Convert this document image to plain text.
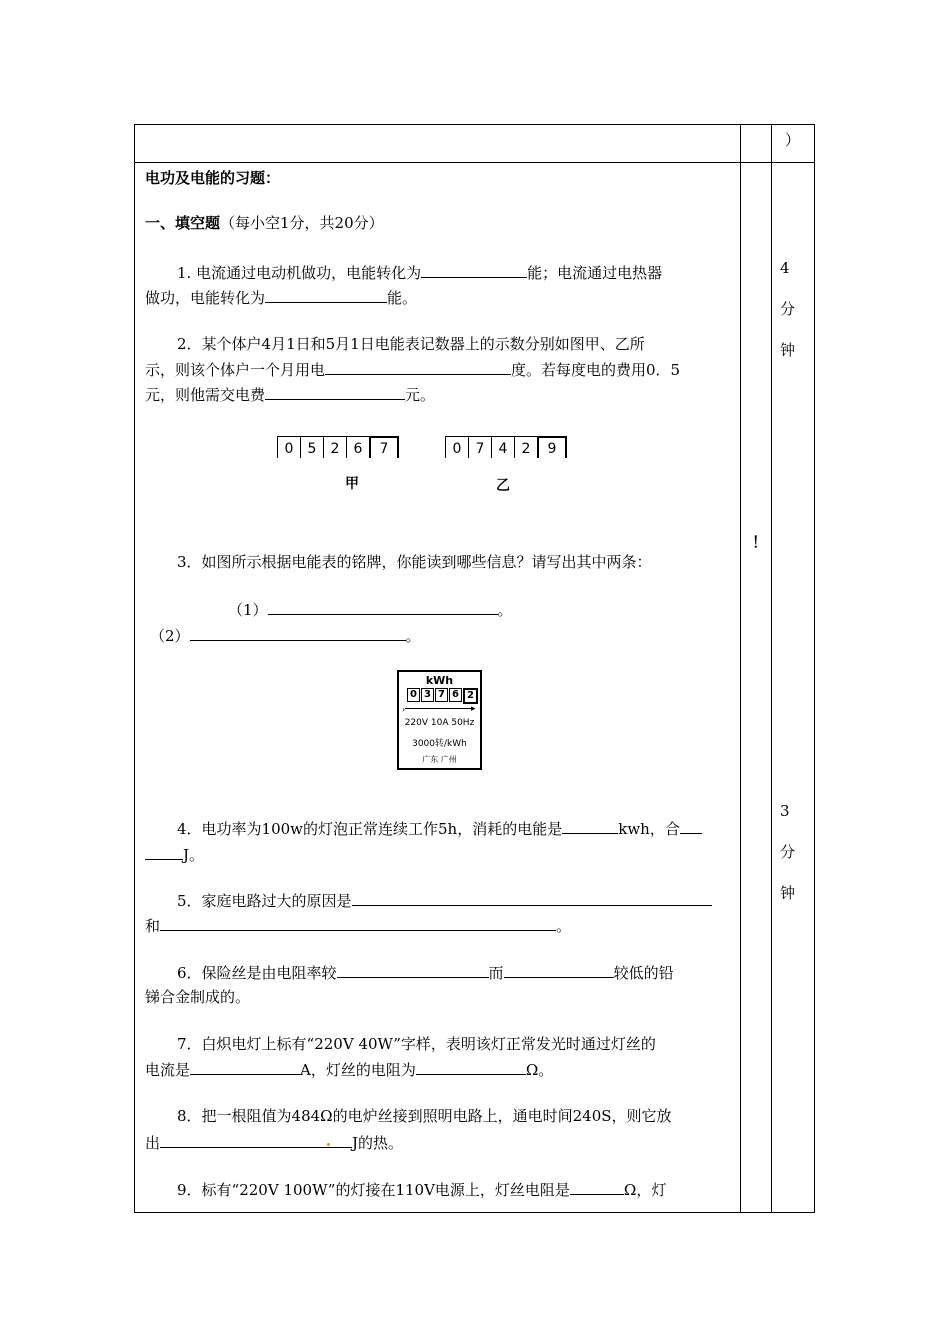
）
电功及电能的习题：
一、填空题（每小空1分，共20分）
1. 电流通过电动机做功，电能转化为	能；电流通过电热器
做功，电能转化为	能。
2．某个体户4月1日和5月1日电能表记数器上的示数分别如图甲、乙所
示，则该个体户一个月用电	度。若每度电的费用0．5
元，则他需交电费	元。
0	5	2	6	7	0	7	4	2	9
甲	乙
！
3．如图所示根据电能表的铭牌，你能读到哪些信息？请写出其中两条：
（1）	。
（2）	。
kWh
0 3 7 6 2
›	▸
220V 10A 50Hz
3000转/kWh
广东 广州
4．电功率为100w的灯泡正常连续工作5h，消耗的电能是	kwh，合
J。
5．家庭电路过大的原因是
和	。
6．保险丝是由电阻率较	而	较低的铅
锑合金制成的。
7．白炽电灯上标有“220V 40W”字样，表明该灯正常发光时通过灯丝的
电流是	A，灯丝的电阻为	Ω。
8．把一根阻值为484Ω的电炉丝接到照明电路上，通电时间240S，则它放
出	J的热。
9．标有“220V 100W”的灯接在110V电源上，灯丝电阻是	Ω，灯
4
分
钟
3
分
钟
